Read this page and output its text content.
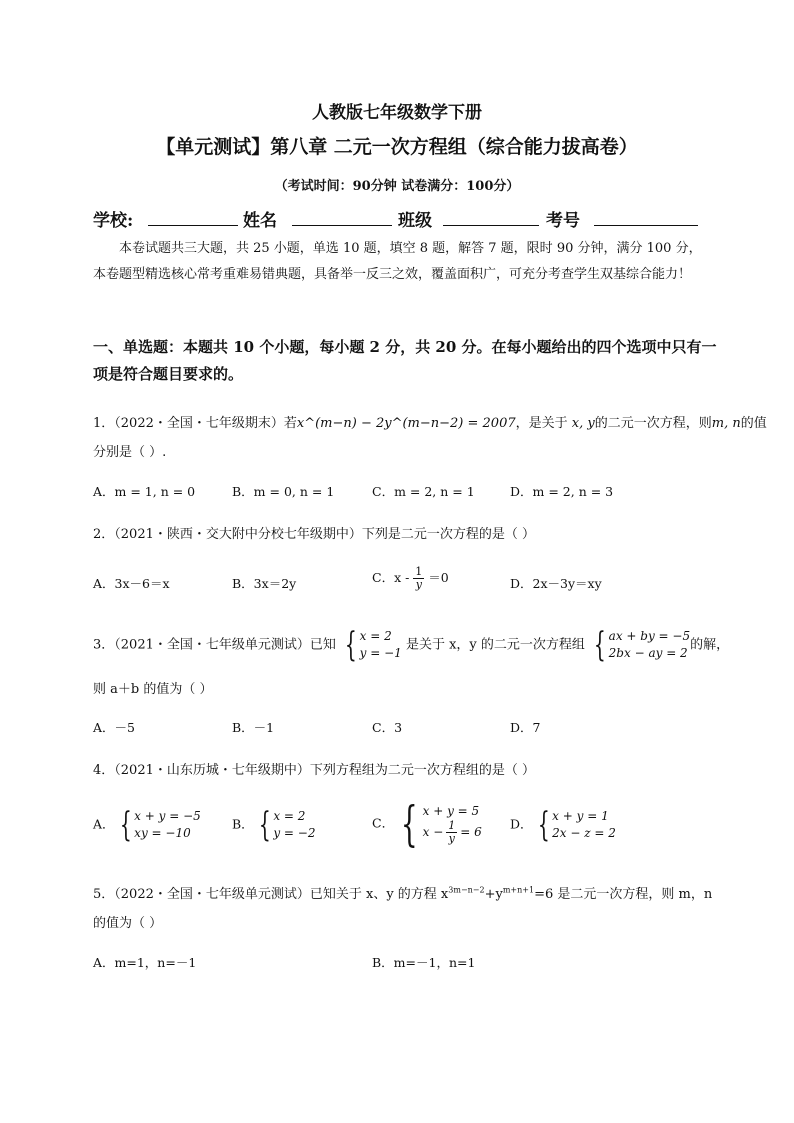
人教版七年级数学下册
【单元测试】第八章 二元一次方程组（综合能力拔高卷）
（考试时间：90分钟 试卷满分：100分）
学校:	姓名	班级	考号
本卷试题共三大题，共 25 小题，单选 10 题，填空 8 题，解答 7 题，限时 90 分钟，满分 100 分，本卷题型精选核心常考重难易错典题，具备举一反三之效，覆盖面积广，可充分考查学生双基综合能力！
一、单选题：本题共 10 个小题，每小题 2 分，共 20 分。在每小题给出的四个选项中只有一项是符合题目要求的。
1．（2022・全国・七年级期末）若x^(m−n) − 2y^(m−n−2) = 2007，是关于 x, y的二元一次方程，则m, n的值
分别是（ ）.
A．m = 1, n = 0	B．m = 0, n = 1	C．m = 2, n = 1	D．m = 2, n = 3
2．（2021・陕西・交大附中分校七年级期中）下列是二元一次方程的是（ ）
A．3x－6＝x	B．3x＝2y	C．$x - \frac{1}{y} =0$	D．2x－3y＝xy
3．（2021・全国・七年级单元测试）已知 { x = 2
y = −1
是关于 x，y 的二元一次方程组 { ax + by = −5
2bx − ay = 2
的解，
则 a＋b 的值为（ ）
A．－5	B．－1	C．3	D．7
4．（2021・山东历城・七年级期中）下列方程组为二元一次方程组的是（ ）
A． { x + y = −5
xy = −10
B． { x = 2
y = −2
C． { x + y = 5
$x - \frac{1}{y} = 6$
D． { x + y = 1
2x − z = 2
5．（2022・全国・七年级单元测试）已知关于 x、y 的方程 $x^{3m-n-2}+y^{m+n+1}=6$ 是二元一次方程，则 m，n
的值为（ ）
A．m=1，n=－1	B．m=－1，n=1
